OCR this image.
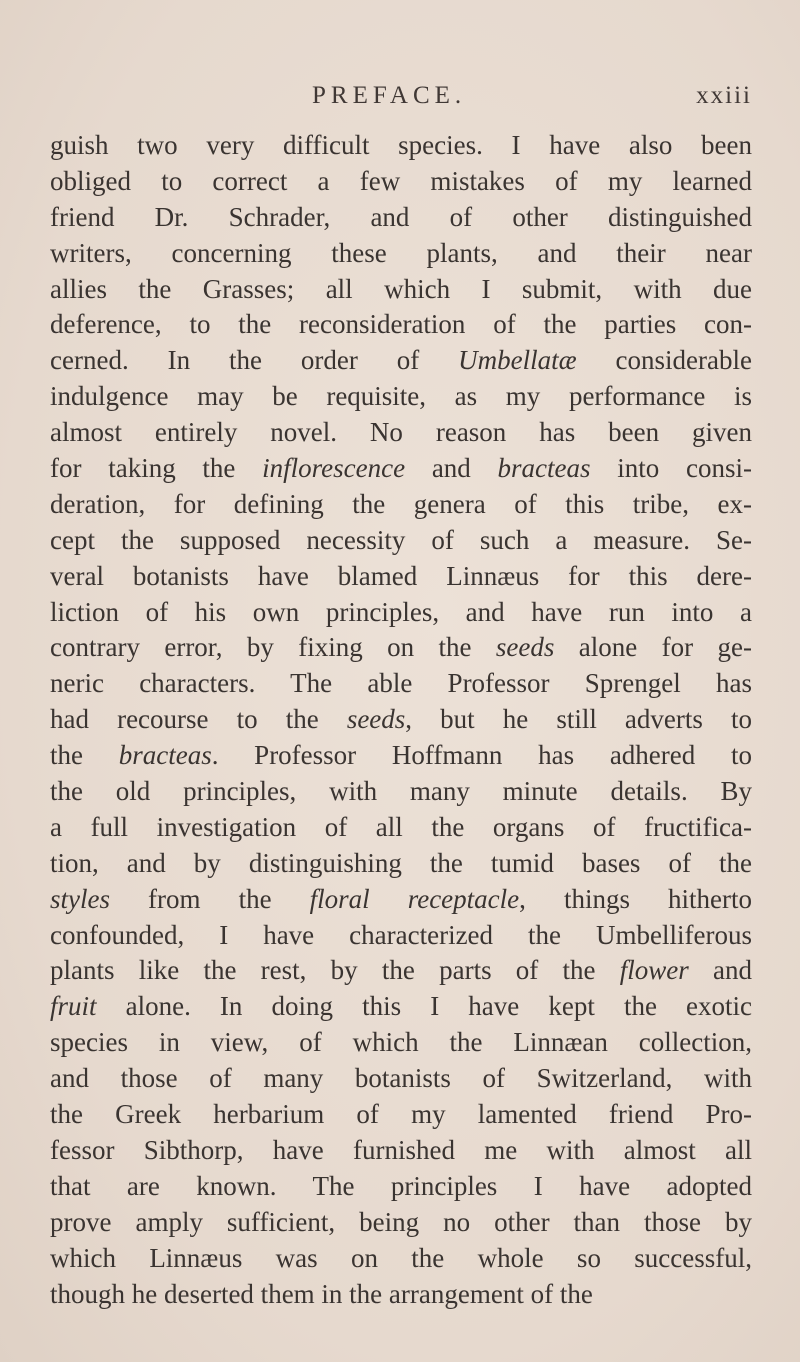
PREFACE.	xxiii
guish two very difficult species. I have also been
obliged to correct a few mistakes of my learned
friend Dr. Schrader, and of other distinguished
writers, concerning these plants, and their near
allies the Grasses; all which I submit, with due
deference, to the reconsideration of the parties con-
cerned. In the order of Umbellatæ considerable
indulgence may be requisite, as my performance is
almost entirely novel. No reason has been given
for taking the inflorescence and bracteas into consi-
deration, for defining the genera of this tribe, ex-
cept the supposed necessity of such a measure. Se-
veral botanists have blamed Linnæus for this dere-
liction of his own principles, and have run into a
contrary error, by fixing on the seeds alone for ge-
neric characters. The able Professor Sprengel has
had recourse to the seeds, but he still adverts to
the bracteas. Professor Hoffmann has adhered to
the old principles, with many minute details. By
a full investigation of all the organs of fructifica-
tion, and by distinguishing the tumid bases of the
styles from the floral receptacle, things hitherto
confounded, I have characterized the Umbelliferous
plants like the rest, by the parts of the flower and
fruit alone. In doing this I have kept the exotic
species in view, of which the Linnæan collection,
and those of many botanists of Switzerland, with
the Greek herbarium of my lamented friend Pro-
fessor Sibthorp, have furnished me with almost all
that are known. The principles I have adopted
prove amply sufficient, being no other than those by
which Linnæus was on the whole so successful,
though he deserted them in the arrangement of the
